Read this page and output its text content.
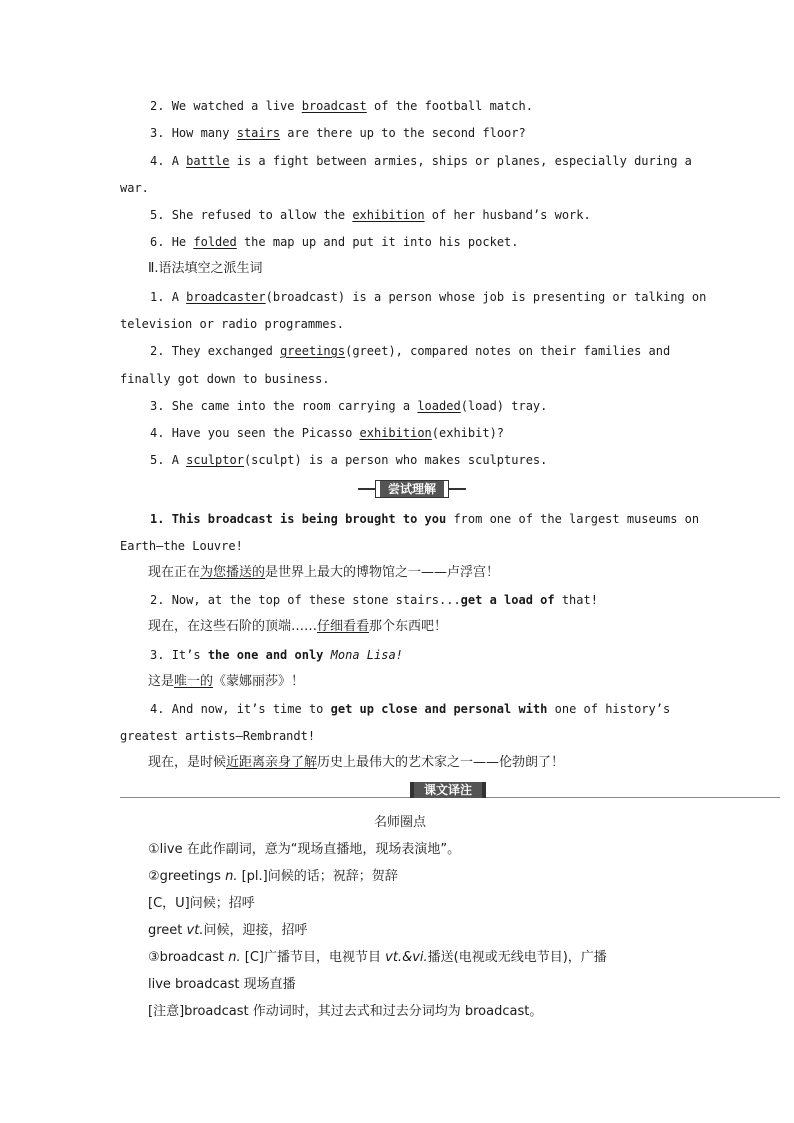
2. We watched a live broadcast of the football match.
3. How many stairs are there up to the second floor?
4. A battle is a fight between armies, ships or planes, especially during a
war.
5. She refused to allow the exhibition of her husband’s work.
6. He folded the map up and put it into his pocket.
Ⅱ.语法填空之派生词
1. A broadcaster(broadcast) is a person whose job is presenting or talking on
television or radio programmes.
2. They exchanged greetings(greet), compared notes on their families and
finally got down to business.
3. She came into the room carrying a loaded(load) tray.
4. Have you seen the Picasso exhibition(exhibit)?
5. A sculptor(sculpt) is a person who makes sculptures.
尝试理解
1. This broadcast is being brought to you from one of the largest museums on
Earth—the Louvre!
现在正在为您播送的是世界上最大的博物馆之一——卢浮宫！
2. Now, at the top of these stone stairs...get a load of that!
现在，在这些石阶的顶端……仔细看看那个东西吧！
3. It’s the one and only Mona Lisa!
这是唯一的《蒙娜丽莎》！
4. And now, it’s time to get up close and personal with one of history’s
greatest artists—Rembrandt!
现在，是时候近距离亲身了解历史上最伟大的艺术家之一——伦勃朗了！
课文译注
名师圈点
①live 在此作副词，意为“现场直播地，现场表演地”。
②greetings n. [pl.]问候的话；祝辞；贺辞
[C，U]问候；招呼
greet vt.问候，迎接，招呼
③broadcast n. [C]广播节目，电视节目 vt.&vi.播送(电视或无线电节目)，广播
live broadcast 现场直播
[注意]broadcast 作动词时，其过去式和过去分词均为 broadcast。
